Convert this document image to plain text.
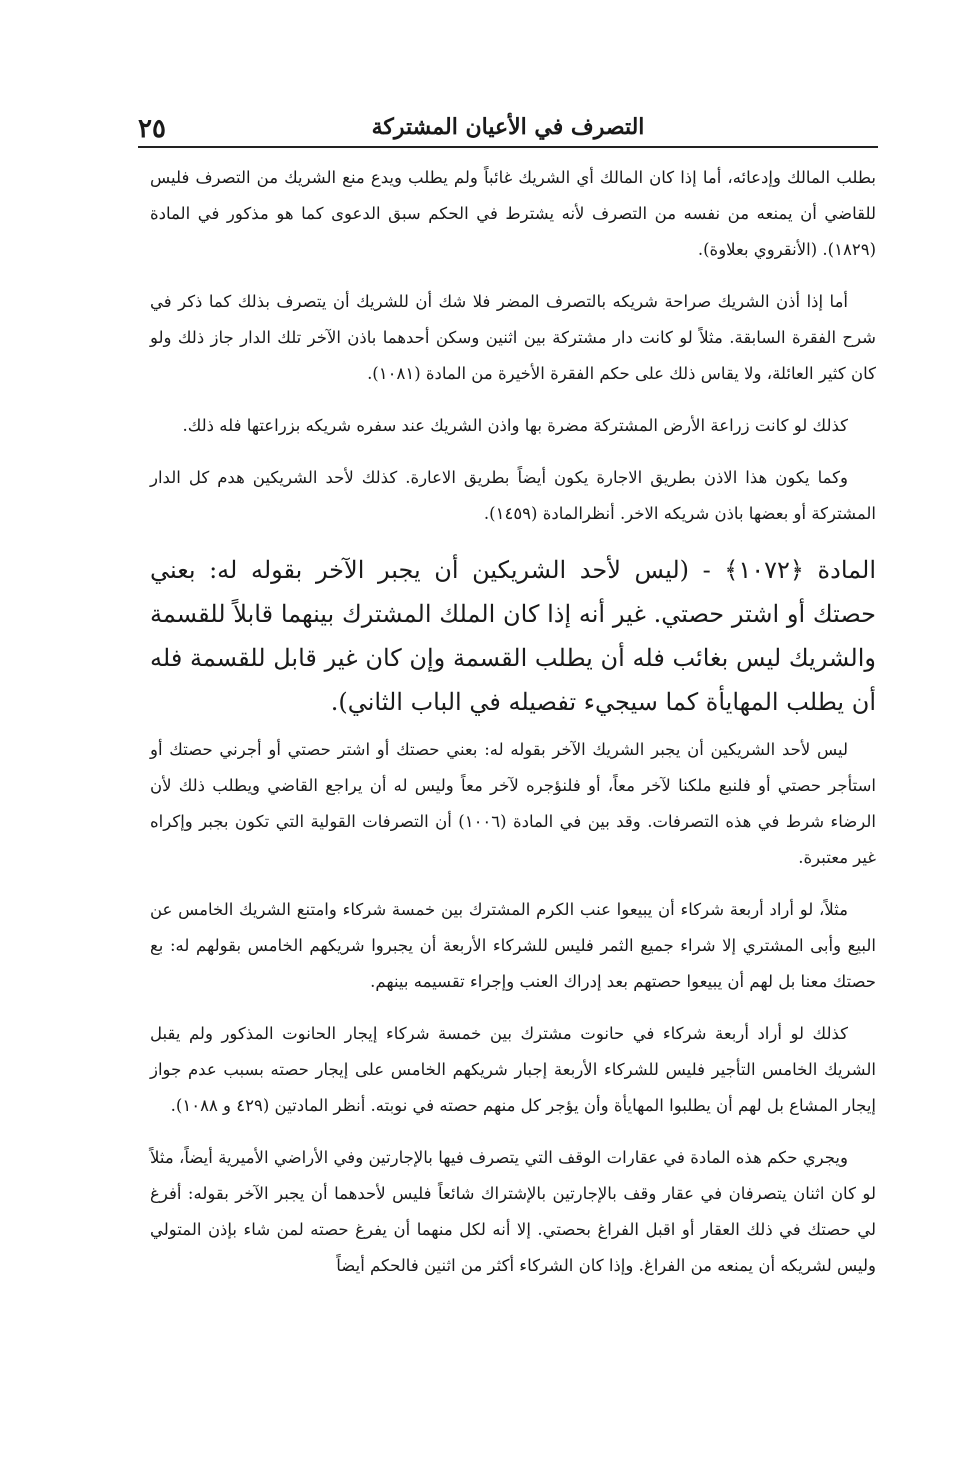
٢٥	التصرف في الأعيان المشتركة

بطلب المالك وإدعائه، أما إذا كان المالك أي الشريك غائباً ولم يطلب ويدع منع الشريك من التصرف فليس للقاضي أن يمنعه من نفسه من التصرف لأنه يشترط في الحكم سبق الدعوى كما هو مذكور في المادة (١٨٢٩). (الأنقروي بعلاوة).

أما إذا أذن الشريك صراحة شريكه بالتصرف المضر فلا شك أن للشريك أن يتصرف بذلك كما ذكر في شرح الفقرة السابقة. مثلاً لو كانت دار مشتركة بين اثنين وسكن أحدهما باذن الآخر تلك الدار جاز ذلك ولو كان كثير العائلة، ولا يقاس ذلك على حكم الفقرة الأخيرة من المادة (١٠٨١).

كذلك لو كانت زراعة الأرض المشتركة مضرة بها واذن الشريك عند سفره شريكه بزراعتها فله ذلك.

وكما يكون هذا الاذن بطريق الاجارة يكون أيضاً بطريق الاعارة. كذلك لأحد الشريكين هدم كل الدار المشتركة أو بعضها باذن شريكه الاخر. أنظرالمادة (١٤٥٩).

المادة ﴿١٠٧٢﴾ - (ليس لأحد الشريكين أن يجبر الآخر بقوله له: بعني حصتك أو اشتر حصتي. غير أنه إذا كان الملك المشترك بينهما قابلاً للقسمة والشريك ليس بغائب فله أن يطلب القسمة وإن كان غير قابل للقسمة فله أن يطلب المهايأة كما سيجيء تفصيله في الباب الثاني).

ليس لأحد الشريكين أن يجبر الشريك الآخر بقوله له: بعني حصتك أو اشتر حصتي أو أجرني حصتك أو استأجر حصتي أو فلنبع ملكنا لآخر معاً، أو فلنؤجره لآخر معاً وليس له أن يراجع القاضي ويطلب ذلك لأن الرضاء شرط في هذه التصرفات. وقد بين في المادة (١٠٠٦) أن التصرفات القولية التي تكون بجبر وإكراه غير معتبرة.

مثلاً، لو أراد أربعة شركاء أن يبيعوا عنب الكرم المشترك بين خمسة شركاء وامتنع الشريك الخامس عن البيع وأبى المشتري إلا شراء جميع الثمر فليس للشركاء الأربعة أن يجبروا شريكهم الخامس بقولهم له: بع حصتك معنا بل لهم أن يبيعوا حصتهم بعد إدراك العنب وإجراء تقسيمه بينهم.

كذلك لو أراد أربعة شركاء في حانوت مشترك بين خمسة شركاء إيجار الحانوت المذكور ولم يقبل الشريك الخامس التأجير فليس للشركاء الأربعة إجبار شريكهم الخامس على إيجار حصته بسبب عدم جواز إيجار المشاع بل لهم أن يطلبوا المهايأة وأن يؤجر كل منهم حصته في نوبته. أنظر المادتين (٤٢٩ و ١٠٨٨).

ويجري حكم هذه المادة في عقارات الوقف التي يتصرف فيها بالإجارتين وفي الأراضي الأميرية أيضاً، مثلاً لو كان اثنان يتصرفان في عقار وقف بالإجارتين بالإشتراك شائعاً فليس لأحدهما أن يجبر الآخر بقوله: أفرغ لي حصتك في ذلك العقار أو اقبل الفراغ بحصتي. إلا أنه لكل منهما أن يفرغ حصته لمن شاء بإذن المتولي وليس لشريكه أن يمنعه من الفراغ. وإذا كان الشركاء أكثر من اثنين فالحكم أيضاً
